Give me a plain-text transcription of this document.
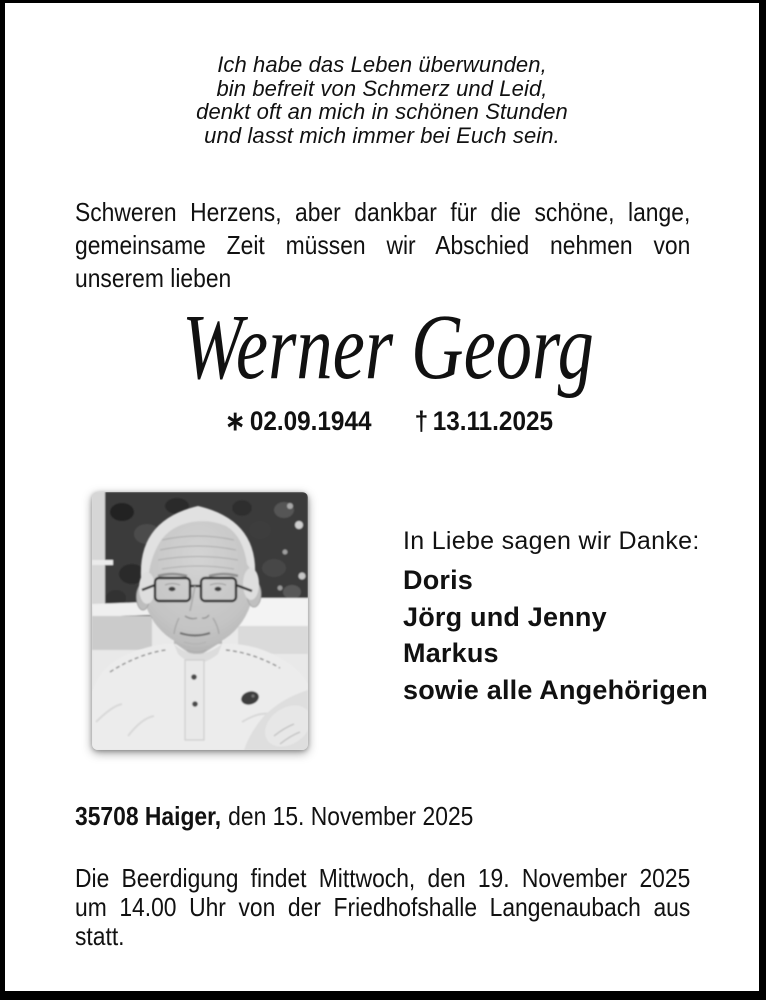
Ich habe das Leben überwunden,
bin befreit von Schmerz und Leid,
denkt oft an mich in schönen Stunden
und lasst mich immer bei Euch sein.
Schweren Herzens, aber dankbar für die schöne, lange,
gemeinsame Zeit müssen wir Abschied nehmen von
unserem lieben
Werner Georg
∗ 02.09.1944 † 13.11.2025
In Liebe sagen wir Danke:
Doris
Jörg und Jenny
Markus
sowie alle Angehörigen
35708 Haiger, den 15. November 2025
Die Beerdigung findet Mittwoch, den 19. November 2025
um 14.00 Uhr von der Friedhofshalle Langenaubach aus
statt.
